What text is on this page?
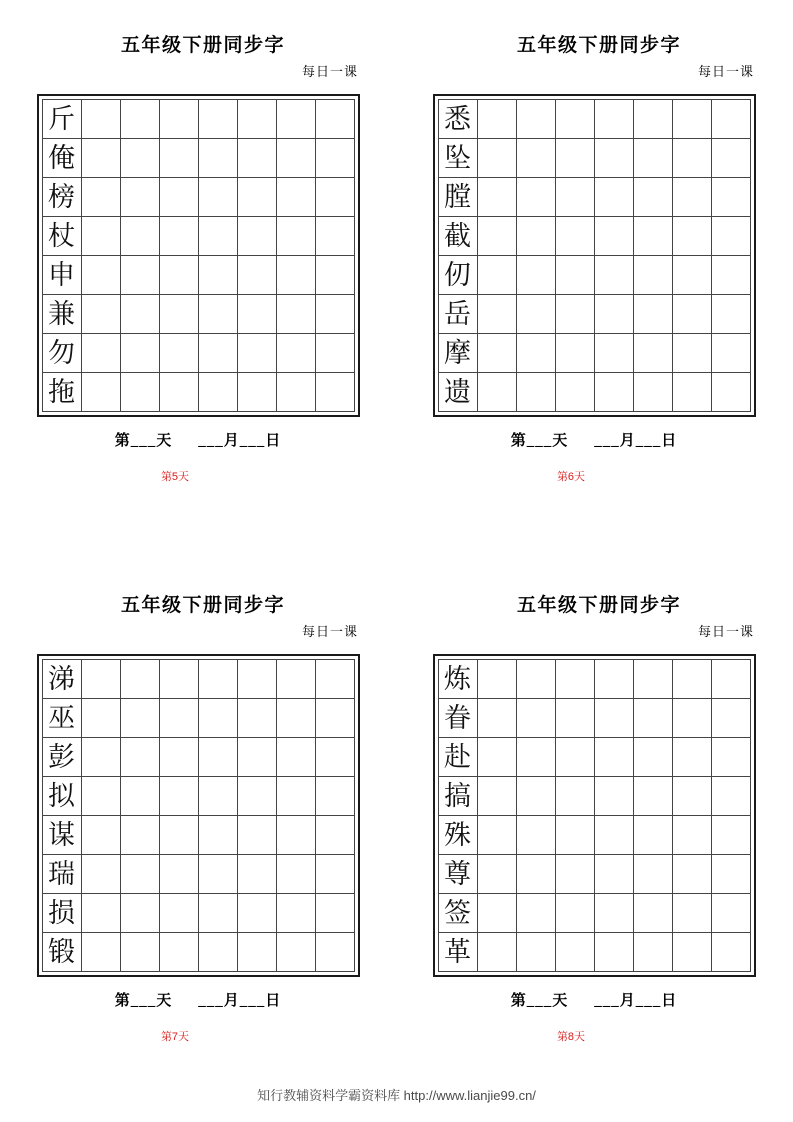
五年级下册同步字
每日一课
斤							
俺							
榜							
杖							
申							
兼							
勿							
拖							
第___天 ___月___日
第5天
五年级下册同步字
每日一课
悉							
坠							
膛							
截							
仞							
岳							
摩							
遗							
第___天 ___月___日
第6天
五年级下册同步字
每日一课
涕							
巫							
彭							
拟							
谋							
瑞							
损							
锻							
第___天 ___月___日
第7天
五年级下册同步字
每日一课
炼							
眷							
赴							
搞							
殊							
尊							
签							
革							
第___天 ___月___日
第8天
知行教辅资料学霸资料库 http://www.lianjie99.cn/
